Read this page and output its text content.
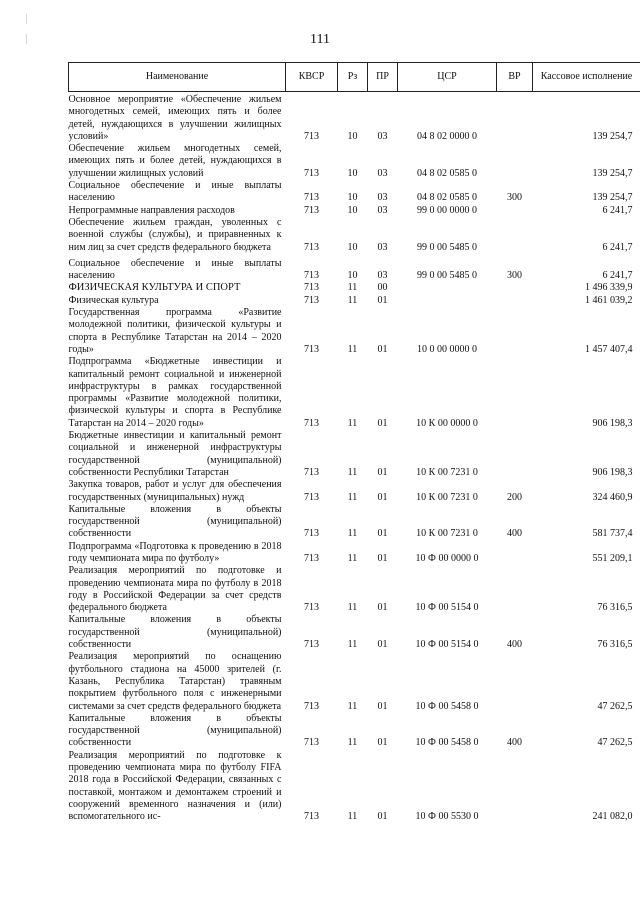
111
Наименование	КВСР	Рз	ПР	ЦСР	ВР	Кассовое исполнение
Основное мероприятие «Обеспечение жильем многодетных семей, имеющих пять и более детей, нуждающихся в улучшении жилищных условий»	713	10	03	04 8 02 0000 0		139 254,7
Обеспечение жильем многодетных семей, имеющих пять и более детей, нуждающихся в улучшении жилищных условий	713	10	03	04 8 02 0585 0		139 254,7
Социальное обеспечение и иные выплаты населению	713	10	03	04 8 02 0585 0	300	139 254,7
Непрограммные направления расходов	713	10	03	99 0 00 0000 0		6 241,7
Обеспечение жильем граждан, уволенных с военной службы (службы), и приравненных к ним лиц за счет средств федерального бюджета	713	10	03	99 0 00 5485 0		6 241,7
Социальное обеспечение и иные выплаты населению	713	10	03	99 0 00 5485 0	300	6 241,7
ФИЗИЧЕСКАЯ КУЛЬТУРА И СПОРТ	713	11	00			1 496 339,9
Физическая культура	713	11	01			1 461 039,2
Государственная программа «Развитие молодежной политики, физической культуры и спорта в Республике Татарстан на 2014 – 2020 годы»	713	11	01	10 0 00 0000 0		1 457 407,4
Подпрограмма «Бюджетные инвестиции и капитальный ремонт социальной и инженерной инфраструктуры в рамках государственной программы «Развитие молодежной политики, физической культуры и спорта в Республике Татарстан на 2014 – 2020 годы»	713	11	01	10 К 00 0000 0		906 198,3
Бюджетные инвестиции и капитальный ремонт социальной и инженерной инфраструктуры государственной (муниципальной) собственности Республики Татарстан	713	11	01	10 К 00 7231 0		906 198,3
Закупка товаров, работ и услуг для обеспечения государственных (муниципальных) нужд	713	11	01	10 К 00 7231 0	200	324 460,9
Капитальные вложения в объекты государственной (муниципальной) собственности	713	11	01	10 К 00 7231 0	400	581 737,4
Подпрограмма «Подготовка к проведению в 2018 году чемпионата мира по футболу»	713	11	01	10 Ф 00 0000 0		551 209,1
Реализация мероприятий по подготовке и проведению чемпионата мира по футболу в 2018 году в Российской Федерации за счет средств федерального бюджета	713	11	01	10 Ф 00 5154 0		76 316,5
Капитальные вложения в объекты государственной (муниципальной) собственности	713	11	01	10 Ф 00 5154 0	400	76 316,5
Реализация мероприятий по оснащению футбольного стадиона на 45000 зрителей (г. Казань, Республика Татарстан) травяным покрытием футбольного поля с инженерными системами за счет средств федерального бюджета	713	11	01	10 Ф 00 5458 0		47 262,5
Капитальные вложения в объекты государственной (муниципальной) собственности	713	11	01	10 Ф 00 5458 0	400	47 262,5
Реализация мероприятий по подготовке к проведению чемпионата мира по футболу FIFA 2018 года в Российской Федерации, связанных с поставкой, монтажом и демонтажем строений и сооружений временного назначения и (или) вспомогательного ис-	713	11	01	10 Ф 00 5530 0		241 082,0
